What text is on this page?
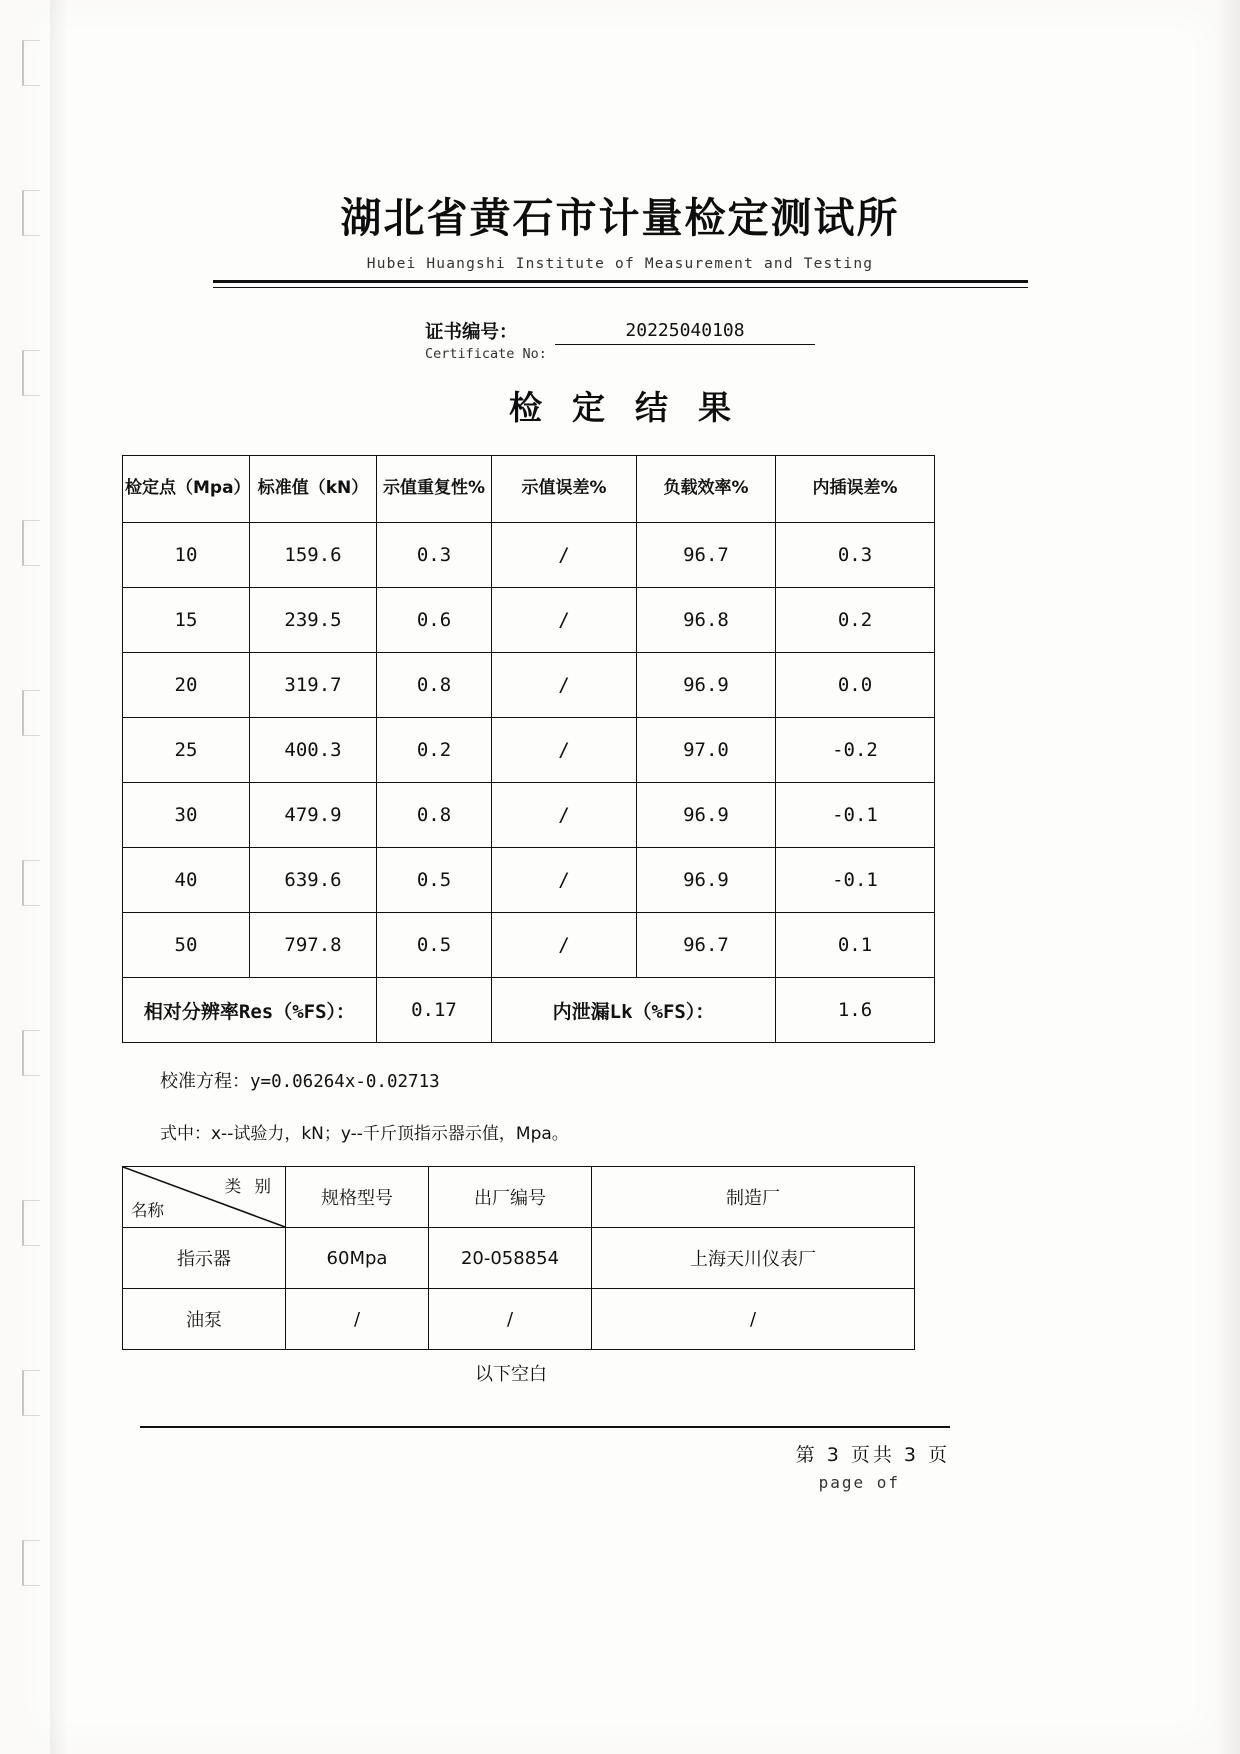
湖北省黄石市计量检定测试所
Hubei Huangshi Institute of Measurement and Testing
证书编号：	20225040108
Certificate No:
检定结果
检定点（Mpa）	标准值（kN）	示值重复性%	示值误差%	负载效率%	内插误差%
10	159.6	0.3	/	96.7	0.3
15	239.5	0.6	/	96.8	0.2
20	319.7	0.8	/	96.9	0.0
25	400.3	0.2	/	97.0	-0.2
30	479.9	0.8	/	96.9	-0.1
40	639.6	0.5	/	96.9	-0.1
50	797.8	0.5	/	96.7	0.1
相对分辨率Res（%FS）：		0.17	内泄漏Lk（%FS）：		1.6
校准方程：y=0.06264x-0.02713
式中：x--试验力，kN；y--千斤顶指示器示值，Mpa。
类 别
名称	规格型号	出厂编号	制造厂
指示器	60Mpa	20-058854	上海天川仪表厂
油泵	/	/	/
以下空白
第 3 页共 3 页
page of
